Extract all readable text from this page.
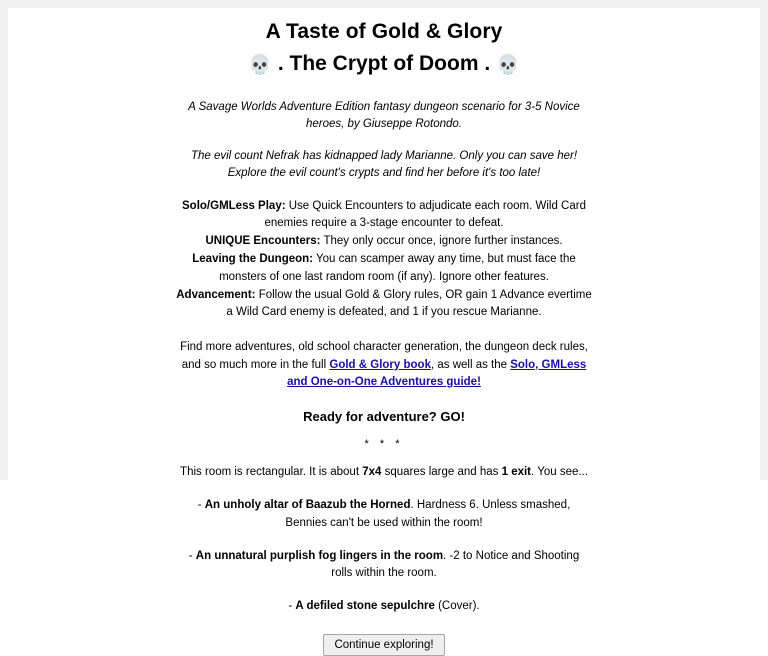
A Taste of Gold & Glory
💀 . The Crypt of Doom . 💀
A Savage Worlds Adventure Edition fantasy dungeon scenario for 3-5 Novice heroes, by Giuseppe Rotondo.
The evil count Nefrak has kidnapped lady Marianne. Only you can save her! Explore the evil count's crypts and find her before it's too late!

Solo/GMLess Play: Use Quick Encounters to adjudicate each room. Wild Card enemies require a 3-stage encounter to defeat.

UNIQUE Encounters: They only occur once, ignore further instances.

Leaving the Dungeon: You can scamper away any time, but must face the monsters of one last random room (if any). Ignore other features.

Advancement: Follow the usual Gold & Glory rules, OR gain 1 Advance evertime a Wild Card enemy is defeated, and 1 if you rescue Marianne.

Find more adventures, old school character generation, the dungeon deck rules, and so much more in the full Gold & Glory book, as well as the Solo, GMLess and One-on-One Adventures guide!
Ready for adventure? GO!
* * *
This room is rectangular. It is about 7x4 squares large and has 1 exit. You see...
- An unholy altar of Baazub the Horned. Hardness 6. Unless smashed, Bennies can't be used within the room!
- An unnatural purplish fog lingers in the room. -2 to Notice and Shooting rolls within the room.
- A defiled stone sepulchre (Cover).
Continue exploring!
